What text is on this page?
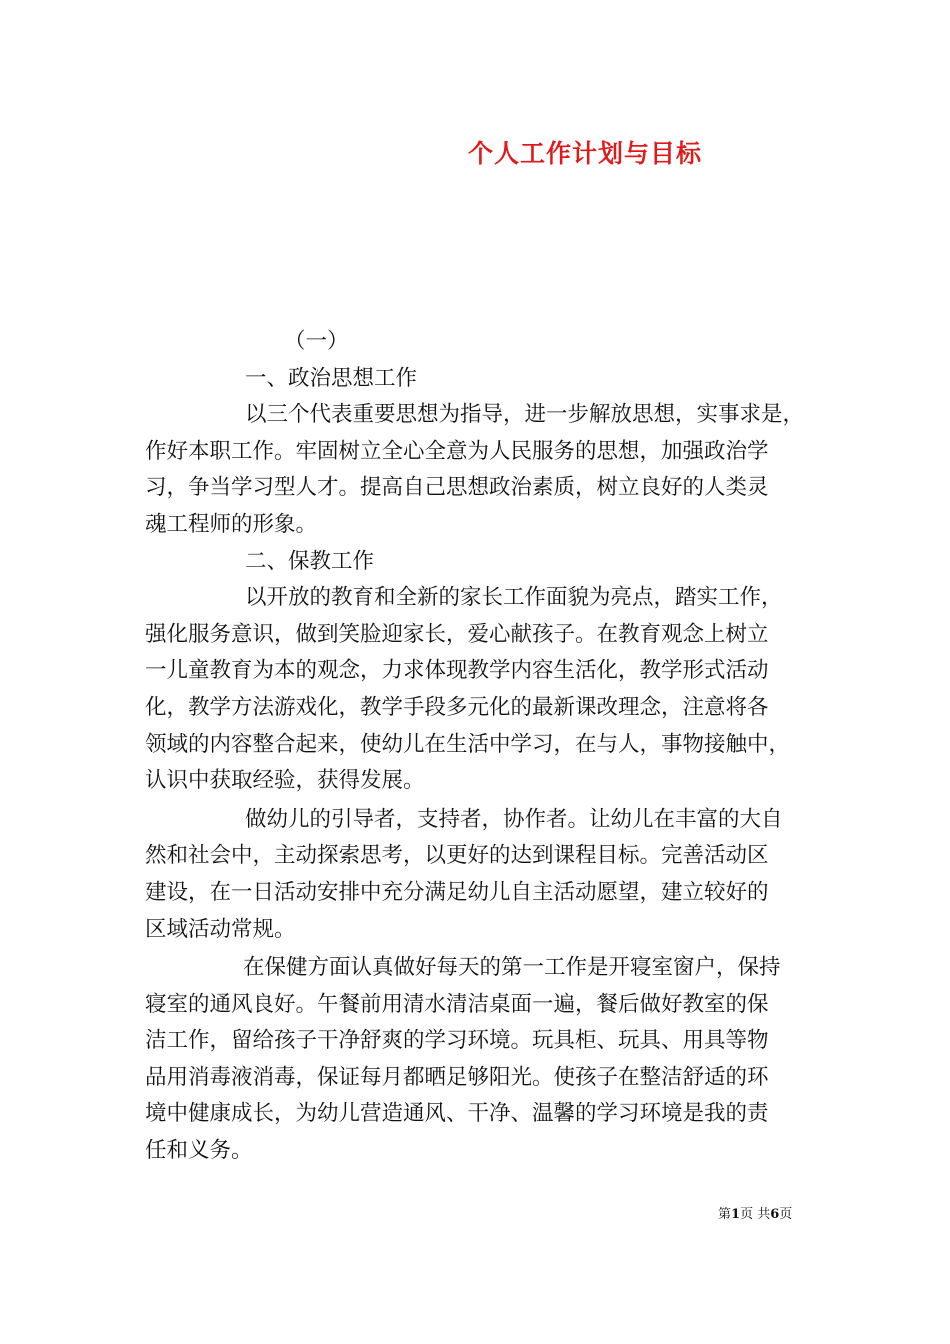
个人工作计划与目标
（一）
一、政治思想工作
以三个代表重要思想为指导，进一步解放思想，实事求是，
作好本职工作。牢固树立全心全意为人民服务的思想，加强政治学
习，争当学习型人才。提高自己思想政治素质，树立良好的人类灵
魂工程师的形象。
二、保教工作
以开放的教育和全新的家长工作面貌为亮点，踏实工作，
强化服务意识，做到笑脸迎家长，爱心献孩子。在教育观念上树立
一儿童教育为本的观念，力求体现教学内容生活化，教学形式活动
化，教学方法游戏化，教学手段多元化的最新课改理念，注意将各
领域的内容整合起来，使幼儿在生活中学习，在与人，事物接触中，
认识中获取经验，获得发展。
做幼儿的引导者，支持者，协作者。让幼儿在丰富的大自
然和社会中，主动探索思考，以更好的达到课程目标。完善活动区
建设，在一日活动安排中充分满足幼儿自主活动愿望，建立较好的
区域活动常规。
在保健方面认真做好每天的第一工作是开寝室窗户，保持
寝室的通风良好。午餐前用清水清洁桌面一遍，餐后做好教室的保
洁工作，留给孩子干净舒爽的学习环境。玩具柜、玩具、用具等物
品用消毒液消毒，保证每月都晒足够阳光。使孩子在整洁舒适的环
境中健康成长，为幼儿营造通风、干净、温馨的学习环境是我的责
任和义务。
第1页 共6页
